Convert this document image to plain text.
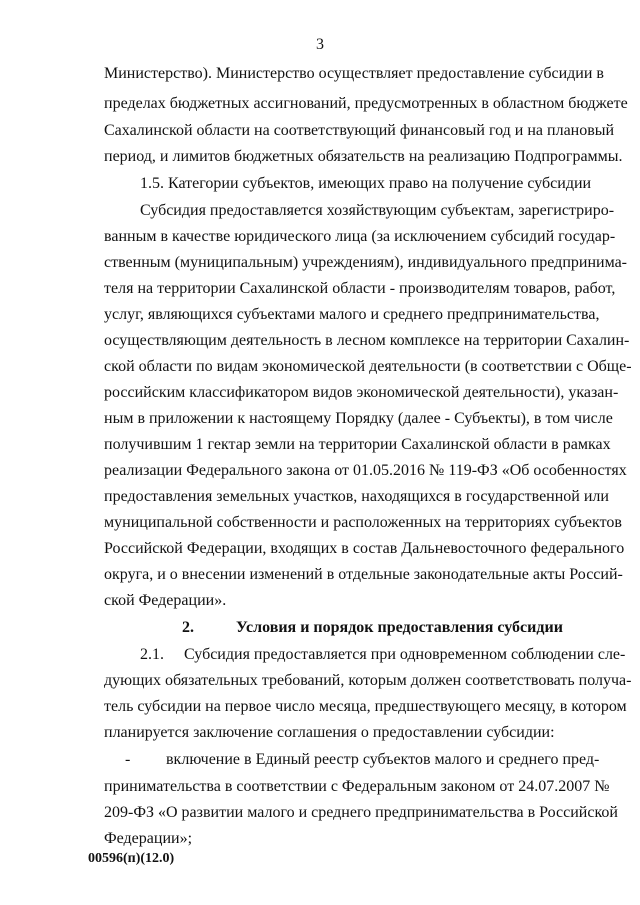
3
Министерство). Министерство осуществляет предоставление субсидии в
пределах бюджетных ассигнований, предусмотренных в областном бюджете
Сахалинской области на соответствующий финансовый год и на плановый
период, и лимитов бюджетных обязательств на реализацию Подпрограммы.
1.5. Категории субъектов, имеющих право на получение субсидии
Субсидия предоставляется хозяйствующим субъектам, зарегистриро-
ванным в качестве юридического лица (за исключением субсидий государ-
ственным (муниципальным) учреждениям), индивидуального предпринима-
теля на территории Сахалинской области - производителям товаров, работ,
услуг, являющихся субъектами малого и среднего предпринимательства,
осуществляющим деятельность в лесном комплексе на территории Сахалин-
ской области по видам экономической деятельности (в соответствии с Обще-
российским классификатором видов экономической деятельности), указан-
ным в приложении к настоящему Порядку (далее - Субъекты), в том числе
получившим 1 гектар земли на территории Сахалинской области в рамках
реализации Федерального закона от 01.05.2016 № 119-ФЗ «Об особенностях
предоставления земельных участков, находящихся в государственной или
муниципальной собственности и расположенных на территориях субъектов
Российской Федерации, входящих в состав Дальневосточного федерального
округа, и о внесении изменений в отдельные законодательные акты Россий-
ской Федерации».
2.	Условия и порядок предоставления субсидии
2.1. Субсидия предоставляется при одновременном соблюдении сле-
дующих обязательных требований, которым должен соответствовать получа-
тель субсидии на первое число месяца, предшествующего месяцу, в котором
планируется заключение соглашения о предоставлении субсидии:
- включение в Единый реестр субъектов малого и среднего пред-
принимательства в соответствии с Федеральным законом от 24.07.2007 №
209-ФЗ «О развитии малого и среднего предпринимательства в Российской
Федерации»;
00596(п)(12.0)
